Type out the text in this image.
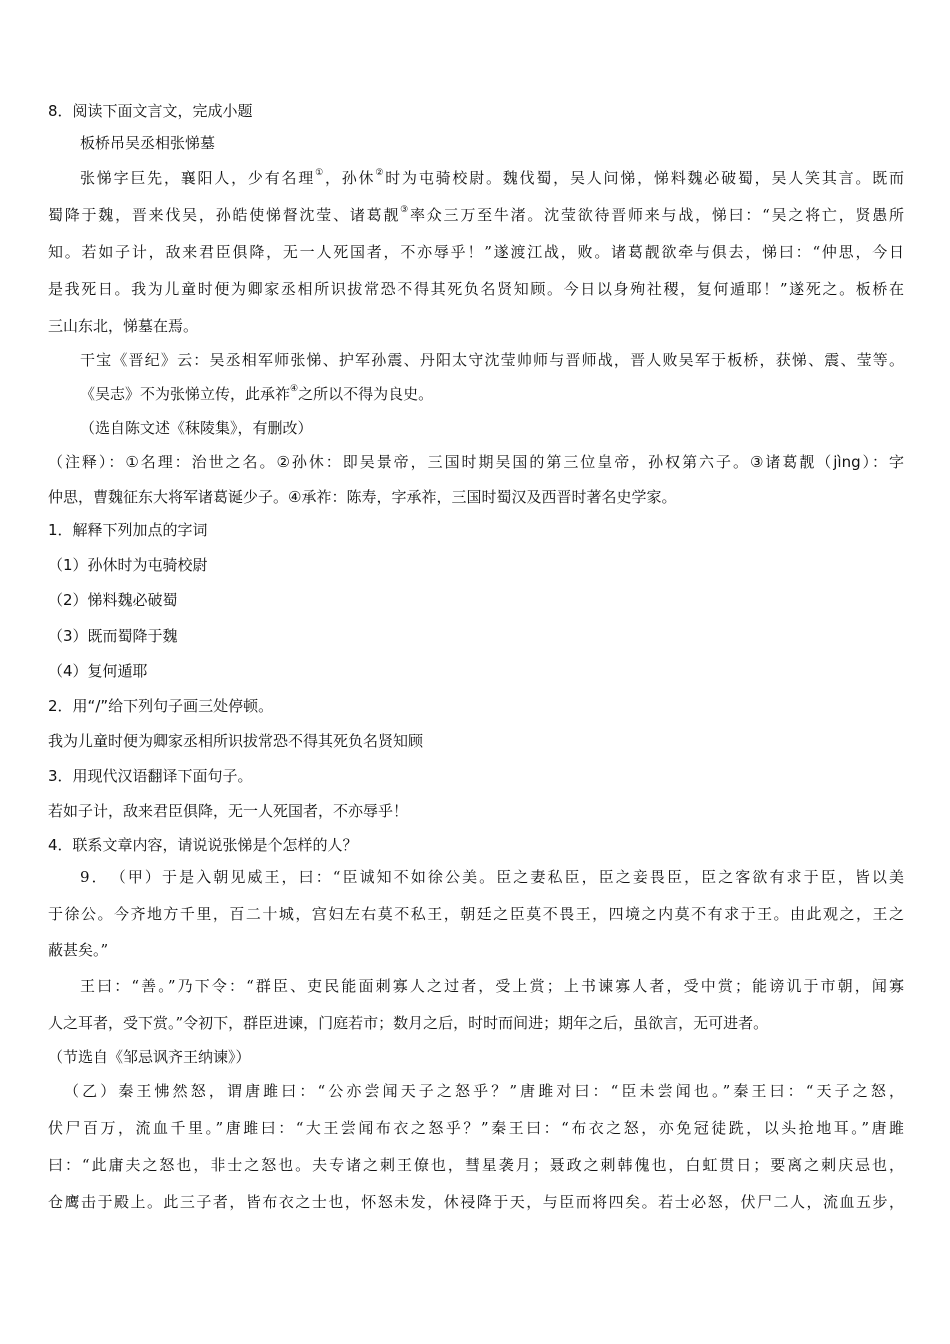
8．阅读下面文言文，完成小题
板桥吊吴丞相张悌墓
张悌字巨先，襄阳人，少有名理①，孙休②时为屯骑校尉。魏伐蜀，吴人问悌，悌料魏必破蜀，吴人笑其言。既而
蜀降于魏，晋来伐吴，孙皓使悌督沈莹、诸葛靓③率众三万至牛渚。沈莹欲待晋师来与战，悌曰：“吴之将亡，贤愚所
知。若如子计，敌来君臣俱降，无一人死国者，不亦辱乎！”遂渡江战，败。诸葛靓欲牵与俱去，悌曰：“仲思，今日
是我死日。我为儿童时便为卿家丞相所识拔常恐不得其死负名贤知顾。今日以身殉社稷，复何遁耶！”遂死之。板桥在
三山东北，悌墓在焉。
干宝《晋纪》云：吴丞相军师张悌、护军孙震、丹阳太守沈莹帅师与晋师战，晋人败吴军于板桥，获悌、震、莹等。
《吴志》不为张悌立传，此承祚④之所以不得为良史。
（选自陈文述《秣陵集》，有删改）
（注释）：①名理：治世之名。②孙休：即吴景帝，三国时期吴国的第三位皇帝，孙权第六子。③诸葛靓（jìng）：字
仲思，曹魏征东大将军诸葛诞少子。④承祚：陈寿，字承祚，三国时蜀汉及西晋时著名史学家。
1．解释下列加点的字词
（1）孙休时为屯骑校尉
（2）悌料魏必破蜀
（3）既而蜀降于魏
（4）复何遁耶
2．用“/”给下列句子画三处停顿。
我为儿童时便为卿家丞相所识拔常恐不得其死负名贤知顾
3．用现代汉语翻译下面句子。
若如子计，敌来君臣俱降，无一人死国者，不亦辱乎！
4．联系文章内容，请说说张悌是个怎样的人？
9．　（甲）于是入朝见威王，曰：“臣诚知不如徐公美。臣之妻私臣，臣之妾畏臣，臣之客欲有求于臣，皆以美
于徐公。今齐地方千里，百二十城，宫妇左右莫不私王，朝廷之臣莫不畏王，四境之内莫不有求于王。由此观之，王之
蔽甚矣。”
王曰：“善。”乃下令：“群臣、吏民能面刺寡人之过者，受上赏；上书谏寡人者，受中赏；能谤讥于市朝，闻寡
人之耳者，受下赏。”令初下，群臣进谏，门庭若市；数月之后，时时而间进；期年之后，虽欲言，无可进者。
（节选自《邹忌讽齐王纳谏》）
（乙）秦王怫然怒，谓唐雎曰：“公亦尝闻天子之怒乎？”唐雎对曰：“臣未尝闻也。”秦王曰：“天子之怒，
伏尸百万，流血千里。”唐雎曰：“大王尝闻布衣之怒乎？”秦王曰：“布衣之怒，亦免冠徒跣，以头抢地耳。”唐雎
曰：“此庸夫之怒也，非士之怒也。夫专诸之刺王僚也，彗星袭月；聂政之刺韩傀也，白虹贯日；要离之刺庆忌也，
仓鹰击于殿上。此三子者，皆布衣之士也，怀怒未发，休祲降于天，与臣而将四矣。若士必怒，伏尸二人，流血五步，
